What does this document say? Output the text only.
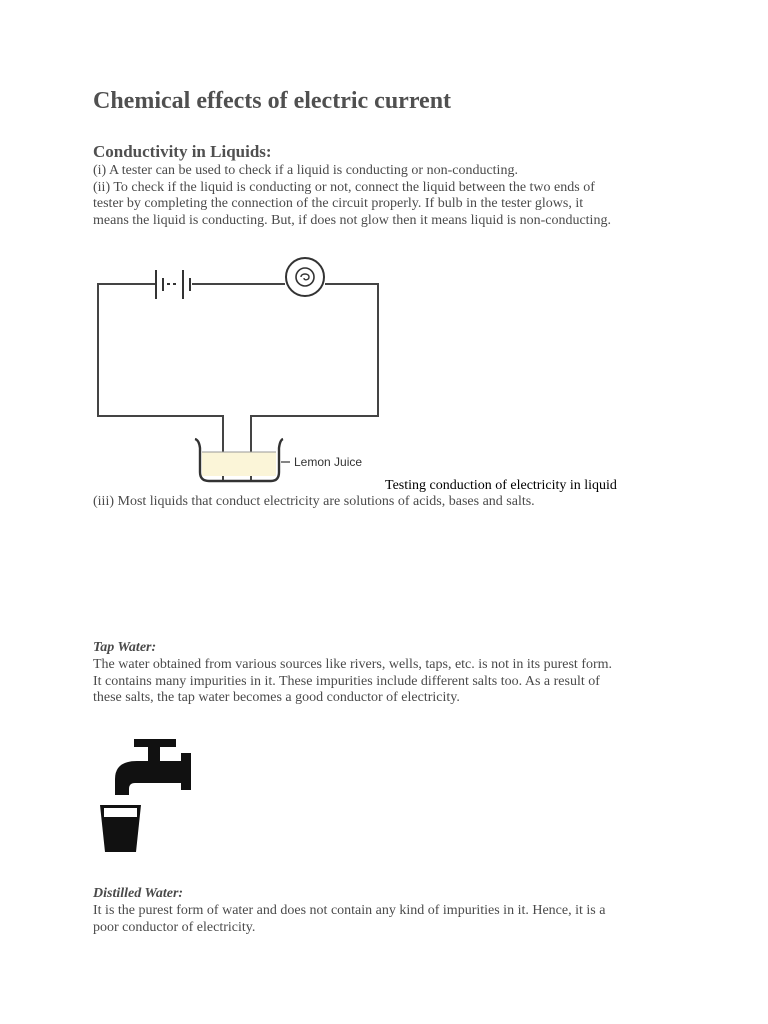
Chemical effects of electric current
Conductivity in Liquids:

(i) A tester can be used to check if a liquid is conducting or non-conducting.
(ii) To check if the liquid is conducting or not, connect the liquid between the two ends of
tester by completing the connection of the circuit properly. If bulb in the tester glows, it
means the liquid is conducting. But, if does not glow then it means liquid is non-conducting.

Lemon Juice

Testing conduction of electricity in liquid

(iii) Most liquids that conduct electricity are solutions of acids, bases and salts.

Tap Water:

The water obtained from various sources like rivers, wells, taps, etc. is not in its purest form.
It contains many impurities in it. These impurities include different salts too. As a result of
these salts, the tap water becomes a good conductor of electricity.

Distilled Water:

It is the purest form of water and does not contain any kind of impurities in it. Hence, it is a
poor conductor of electricity.
